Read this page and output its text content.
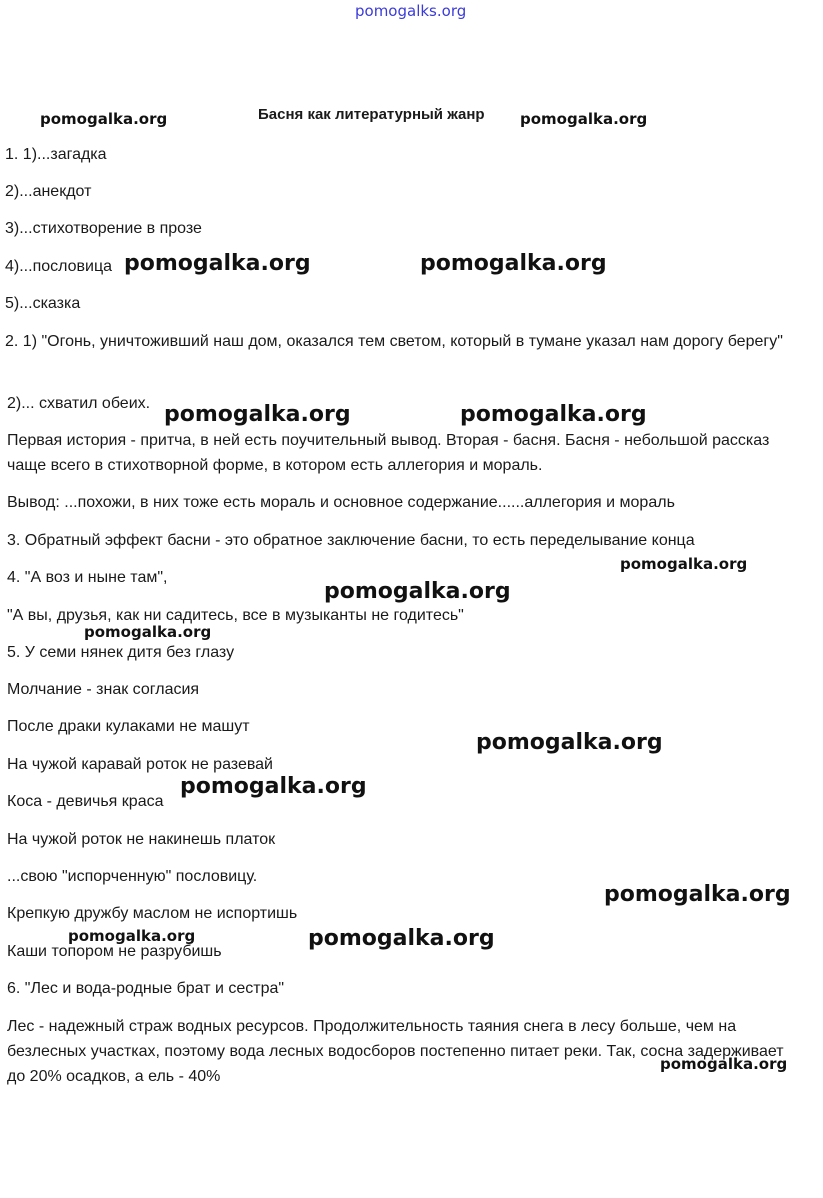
pomogalks.org
Басня как литературный жанр
1. 1)...загадка
2)...анекдот
3)...стихотворение в прозе
4)...пословица
5)...сказка
2. 1) "Огонь, уничтоживший наш дом, оказался тем светом, который в тумане указал нам дорогу берегу"
2)... схватил обеих.
Первая история - притча, в ней есть поучительный вывод. Вторая - басня. Басня - небольшой рассказ чаще всего в стихотворной форме, в котором есть аллегория и мораль.
Вывод: ...похожи, в них тоже есть мораль и основное содержание......аллегория и мораль
3. Обратный эффект басни - это обратное заключение басни, то есть переделывание конца
4. "А воз и ныне там",
"А вы, друзья, как ни садитесь, все в музыканты не годитесь"
5. У семи нянек дитя без глазу
Молчание - знак согласия
После драки кулаками не машут
На чужой каравай роток не разевай
Коса - девичья краса
На чужой роток не накинешь платок
...свою "испорченную" пословицу.
Крепкую дружбу маслом не испортишь
Каши топором не разрубишь
6. "Лес и вода-родные брат и сестра"
Лес - надежный страж водных ресурсов. Продолжительность таяния снега в лесу больше, чем на безлесных участках, поэтому вода лесных водосборов постепенно питает реки. Так, сосна задерживает до 20% осадков, а ель - 40%
pomogalka.org	pomogalka.org
pomogalka.org	pomogalka.org
pomogalka.org	pomogalka.org
pomogalka.org
pomogalka.org
pomogalka.org
pomogalka.org
pomogalka.org
pomogalka.org
pomogalka.org	pomogalka.org
pomogalka.org
